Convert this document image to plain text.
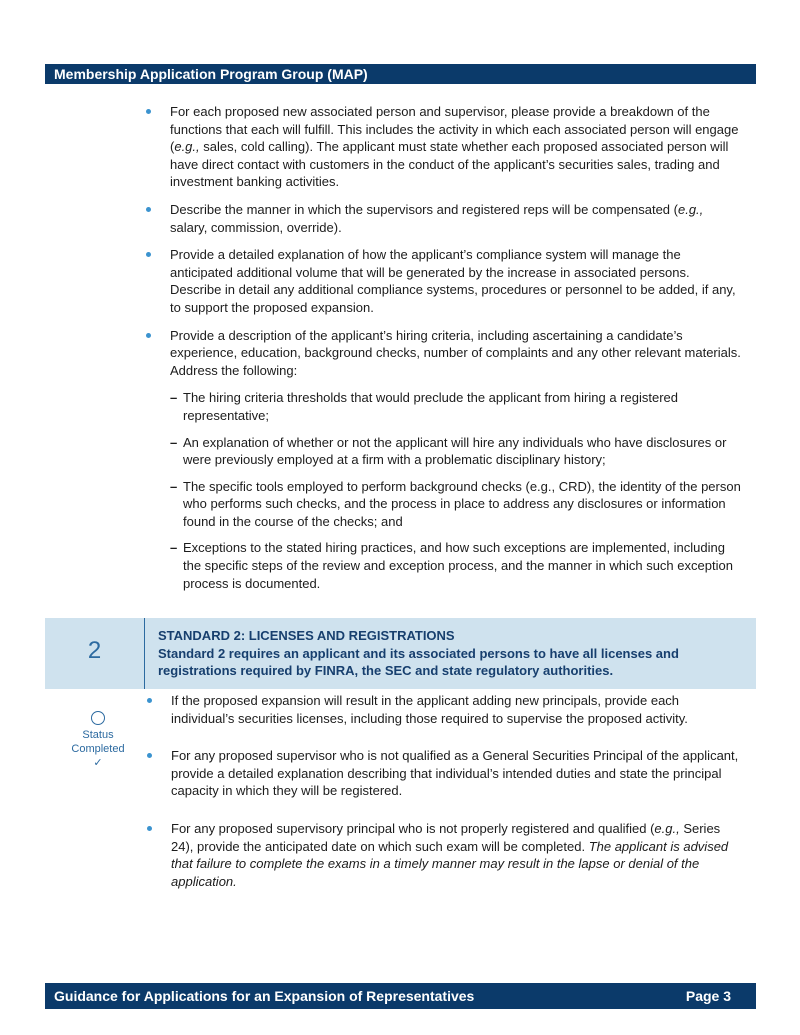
Membership Application Program Group (MAP)
For each proposed new associated person and supervisor, please provide a breakdown of the functions that each will fulfill. This includes the activity in which each associated person will engage (e.g., sales, cold calling). The applicant must state whether each proposed associated person will have direct contact with customers in the conduct of the applicant’s securities sales, trading and investment banking activities.
Describe the manner in which the supervisors and registered reps will be compensated (e.g., salary, commission, override).
Provide a detailed explanation of how the applicant’s compliance system will manage the anticipated additional volume that will be generated by the increase in associated persons. Describe in detail any additional compliance systems, procedures or personnel to be added, if any, to support the proposed expansion.
Provide a description of the applicant’s hiring criteria, including ascertaining a candidate’s experience, education, background checks, number of complaints and any other relevant materials. Address the following:
– The hiring criteria thresholds that would preclude the applicant from hiring a registered representative;
– An explanation of whether or not the applicant will hire any individuals who have disclosures or were previously employed at a firm with a problematic disciplinary history;
– The specific tools employed to perform background checks (e.g., CRD), the identity of the person who performs such checks, and the process in place to address any disclosures or information found in the course of the checks; and
– Exceptions to the stated hiring practices, and how such exceptions are implemented, including the specific steps of the review and exception process, and the manner in which such exception process is documented.
2
STANDARD 2: LICENSES AND REGISTRATIONS
Standard 2 requires an applicant and its associated persons to have all licenses and registrations required by FINRA, the SEC and state regulatory authorities.
Status
Completed
✓
If the proposed expansion will result in the applicant adding new principals, provide each individual’s securities licenses, including those required to supervise the proposed activity.
For any proposed supervisor who is not qualified as a General Securities Principal of the applicant, provide a detailed explanation describing that individual’s intended duties and state the principal capacity in which they will be registered.
For any proposed supervisory principal who is not properly registered and qualified (e.g., Series 24), provide the anticipated date on which such exam will be completed. The applicant is advised that failure to complete the exams in a timely manner may result in the lapse or denial of the application.
Guidance for Applications for an Expansion of Representatives	Page 3
